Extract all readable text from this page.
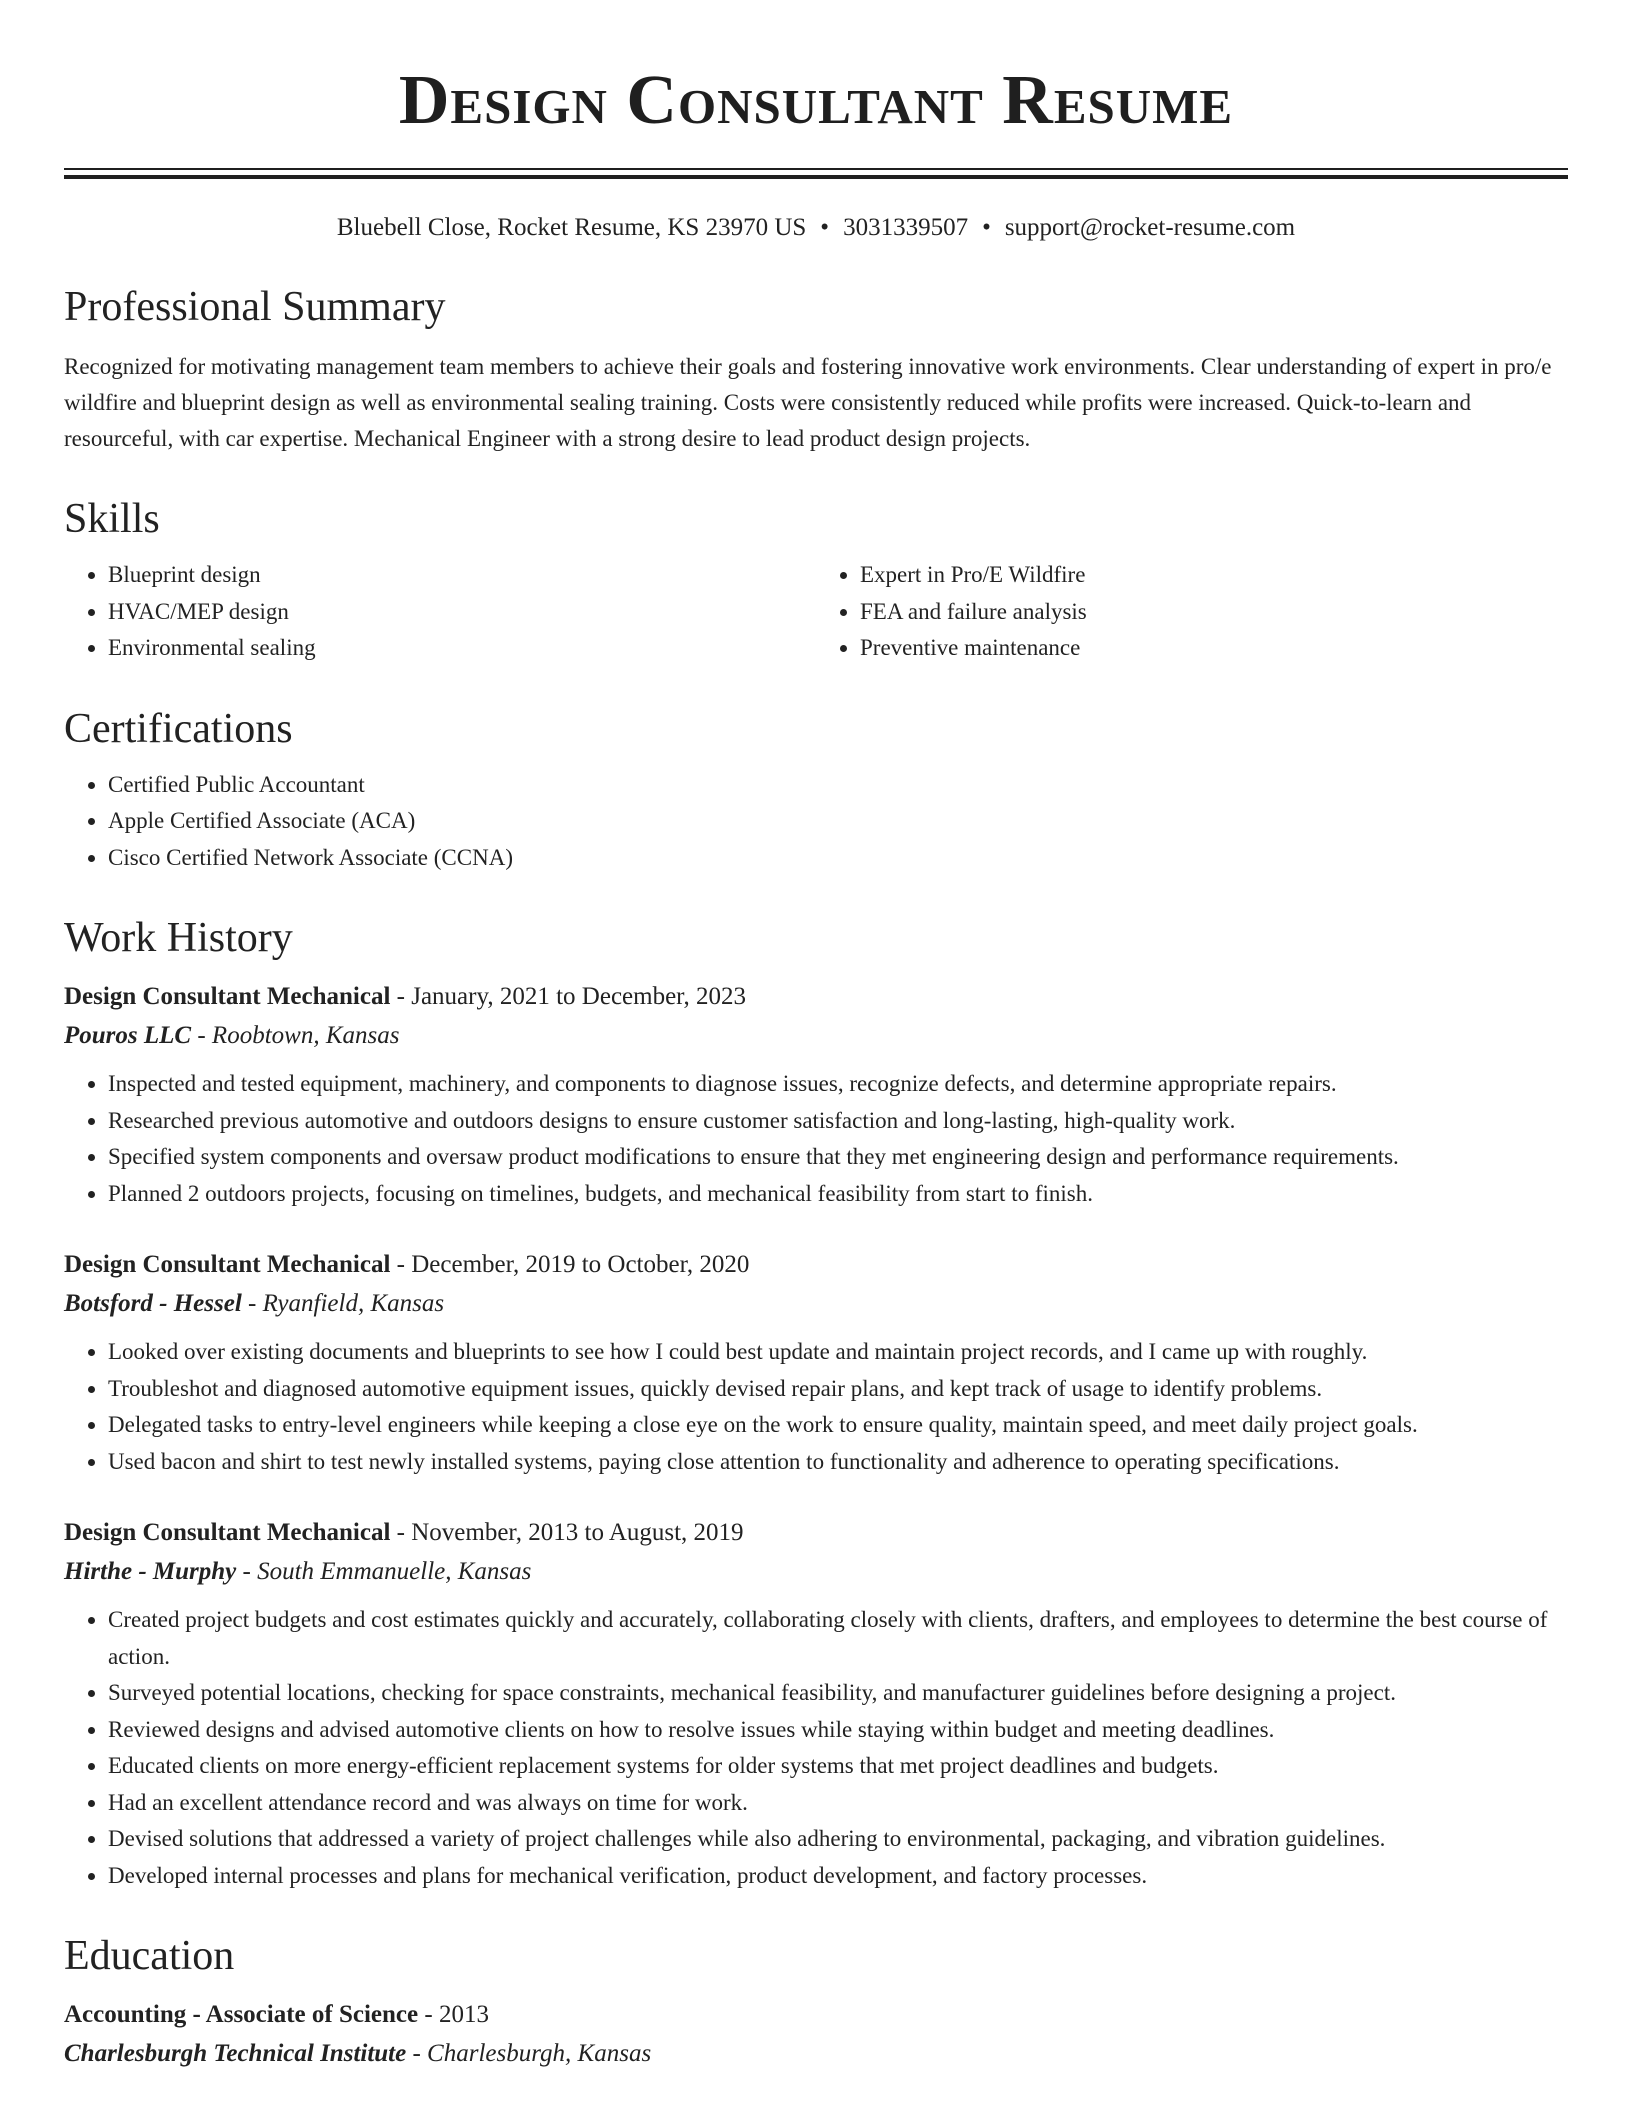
Design Consultant Resume
Bluebell Close, Rocket Resume, KS 23970 US • 3031339507 • support@rocket-resume.com
Professional Summary

Recognized for motivating management team members to achieve their goals and fostering innovative work environments. Clear understanding of expert in pro/e wildfire and blueprint design as well as environmental sealing training. Costs were consistently reduced while profits were increased. Quick-to-learn and resourceful, with car expertise. Mechanical Engineer with a strong desire to lead product design projects.

Skills
• Blueprint design
• HVAC/MEP design
• Environmental sealing
• Expert in Pro/E Wildfire
• FEA and failure analysis
• Preventive maintenance
Certifications
• Certified Public Accountant
• Apple Certified Associate (ACA)
• Cisco Certified Network Associate (CCNA)
Work History
Design Consultant Mechanical - January, 2021 to December, 2023
Pouros LLC - Roobtown, Kansas
• Inspected and tested equipment, machinery, and components to diagnose issues, recognize defects, and determine appropriate repairs.
• Researched previous automotive and outdoors designs to ensure customer satisfaction and long-lasting, high-quality work.
• Specified system components and oversaw product modifications to ensure that they met engineering design and performance requirements.
• Planned 2 outdoors projects, focusing on timelines, budgets, and mechanical feasibility from start to finish.
Design Consultant Mechanical - December, 2019 to October, 2020
Botsford - Hessel - Ryanfield, Kansas
• Looked over existing documents and blueprints to see how I could best update and maintain project records, and I came up with roughly.
• Troubleshot and diagnosed automotive equipment issues, quickly devised repair plans, and kept track of usage to identify problems.
• Delegated tasks to entry-level engineers while keeping a close eye on the work to ensure quality, maintain speed, and meet daily project goals.
• Used bacon and shirt to test newly installed systems, paying close attention to functionality and adherence to operating specifications.
Design Consultant Mechanical - November, 2013 to August, 2019
Hirthe - Murphy - South Emmanuelle, Kansas
• Created project budgets and cost estimates quickly and accurately, collaborating closely with clients, drafters, and employees to determine the best course of action.
• Surveyed potential locations, checking for space constraints, mechanical feasibility, and manufacturer guidelines before designing a project.
• Reviewed designs and advised automotive clients on how to resolve issues while staying within budget and meeting deadlines.
• Educated clients on more energy-efficient replacement systems for older systems that met project deadlines and budgets.
• Had an excellent attendance record and was always on time for work.
• Devised solutions that addressed a variety of project challenges while also adhering to environmental, packaging, and vibration guidelines.
• Developed internal processes and plans for mechanical verification, product development, and factory processes.
Education
Accounting - Associate of Science - 2013
Charlesburgh Technical Institute - Charlesburgh, Kansas
